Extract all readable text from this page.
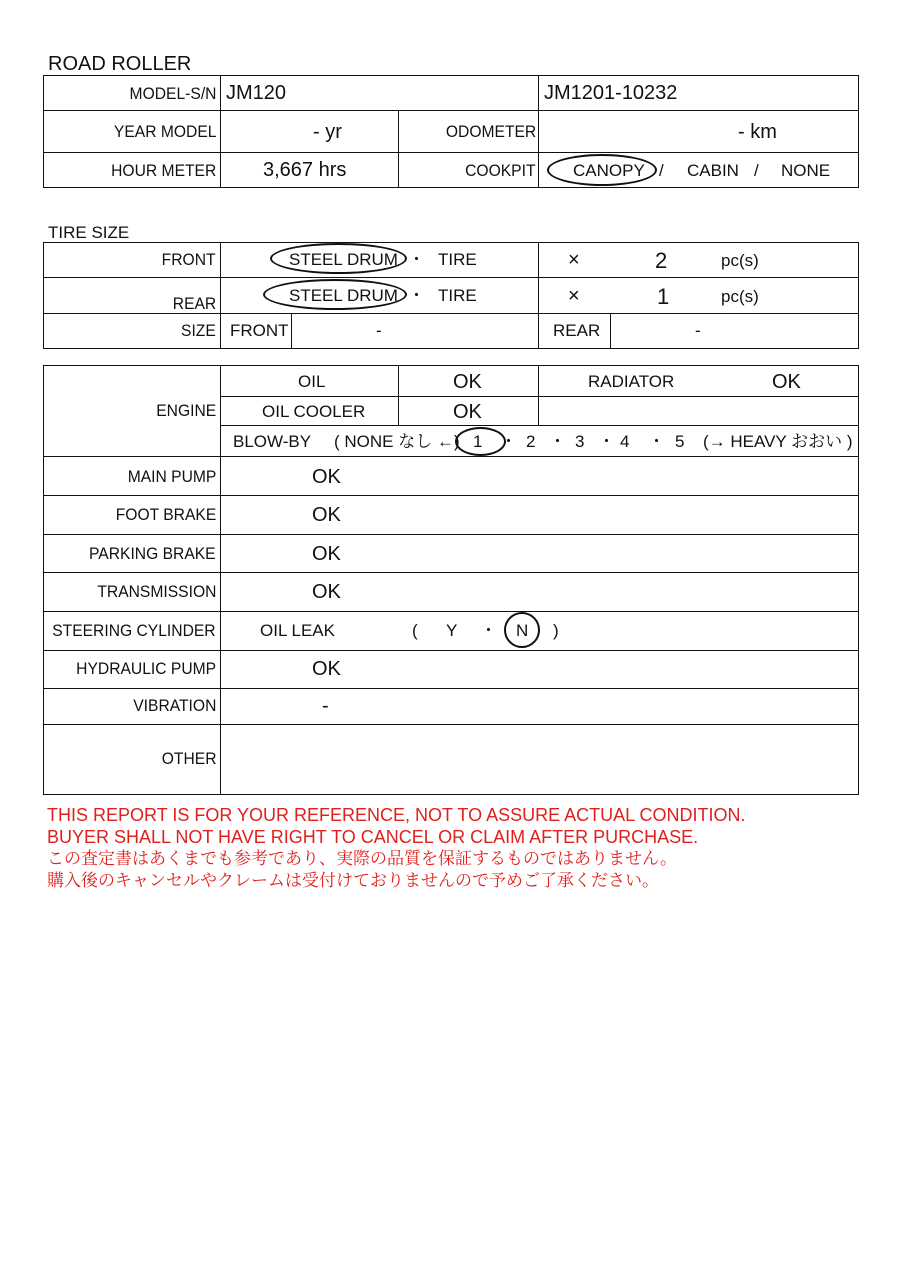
ROAD ROLLER
MODEL-S/N JM120	JM1201-10232
YEAR MODEL	- yr	ODOMETER	- km
HOUR METER 3,667 hrs	COOKPIT CANOPY / CABIN / NONE
TIRE SIZE
FRONT	STEEL DRUM ・ TIRE	×	2	pc(s)
REAR	STEEL DRUM ・ TIRE	×	1	pc(s)
SIZE FRONT	-	REAR	-
ENGINE
OIL	OK	RADIATOR	OK
OIL COOLER	OK
BLOW-BY ( NONE なし ←) 1 ・ 2 ・ 3 ・ 4 ・ 5 (→ HEAVY おおい )
MAIN PUMP	OK
FOOT BRAKE	OK
PARKING BRAKE	OK
TRANSMISSION	OK
STEERING CYLINDER	OIL LEAK	( Y ・ N )
HYDRAULIC PUMP	OK
VIBRATION	-
OTHER
THIS REPORT IS FOR YOUR REFERENCE, NOT TO ASSURE ACTUAL CONDITION.
BUYER SHALL NOT HAVE RIGHT TO CANCEL OR CLAIM AFTER PURCHASE.
この査定書はあくまでも参考であり、実際の品質を保証するものではありません。
購入後のキャンセルやクレームは受付けておりませんので予めご了承ください。
